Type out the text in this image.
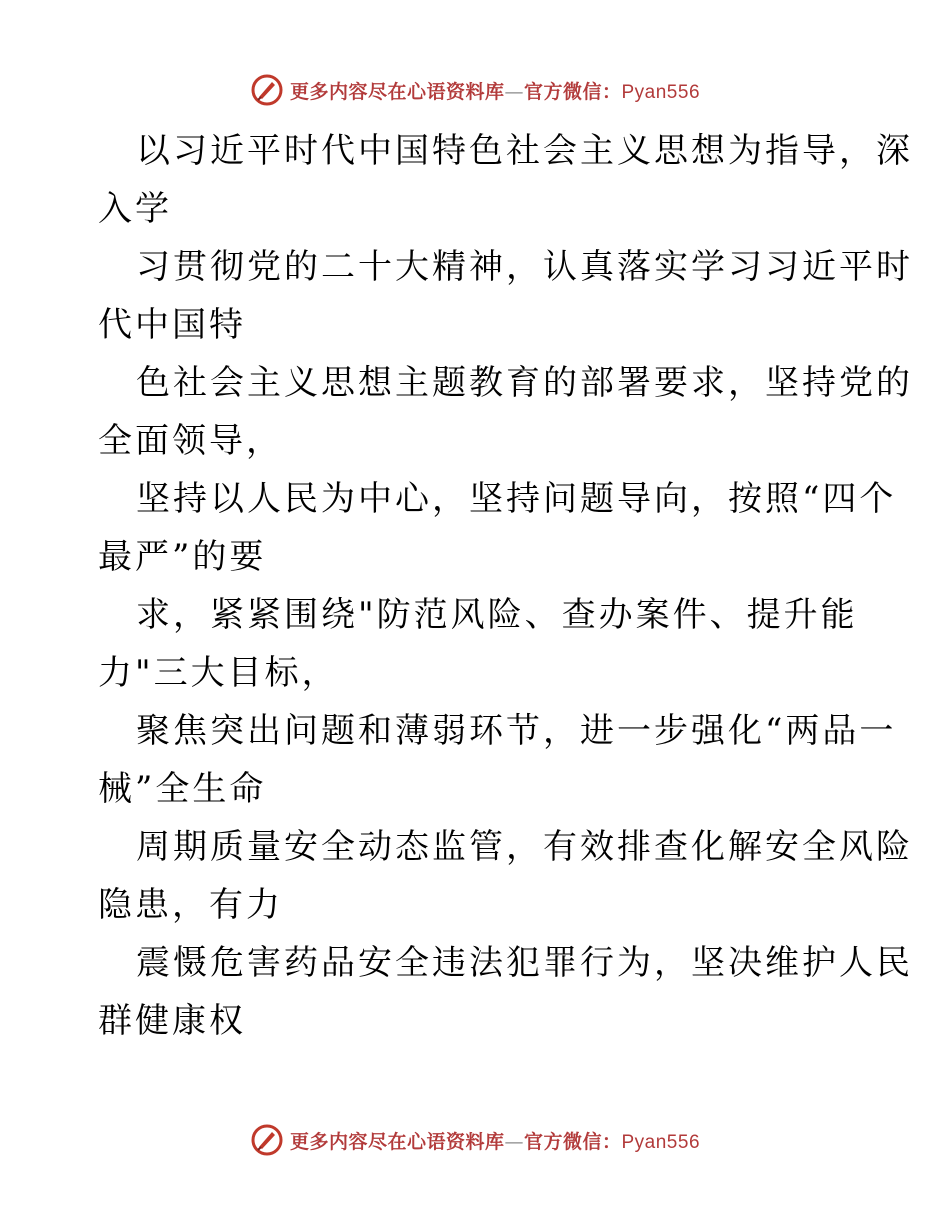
更多内容尽在心语资料库—官方微信：Pyan556
以习近平时代中国特色社会主义思想为指导，深
入学
习贯彻党的二十大精神，认真落实学习习近平时
代中国特
色社会主义思想主题教育的部署要求，坚持党的
全面领导，
坚持以人民为中心，坚持问题导向，按照“四个
最严”的要
求，紧紧围绕"防范风险、查办案件、提升能
力"三大目标，
聚焦突出问题和薄弱环节，进一步强化“两品一
械”全生命
周期质量安全动态监管，有效排查化解安全风险
隐患，有力
震慑危害药品安全违法犯罪行为，坚决维护人民
群健康权
更多内容尽在心语资料库—官方微信：Pyan556
